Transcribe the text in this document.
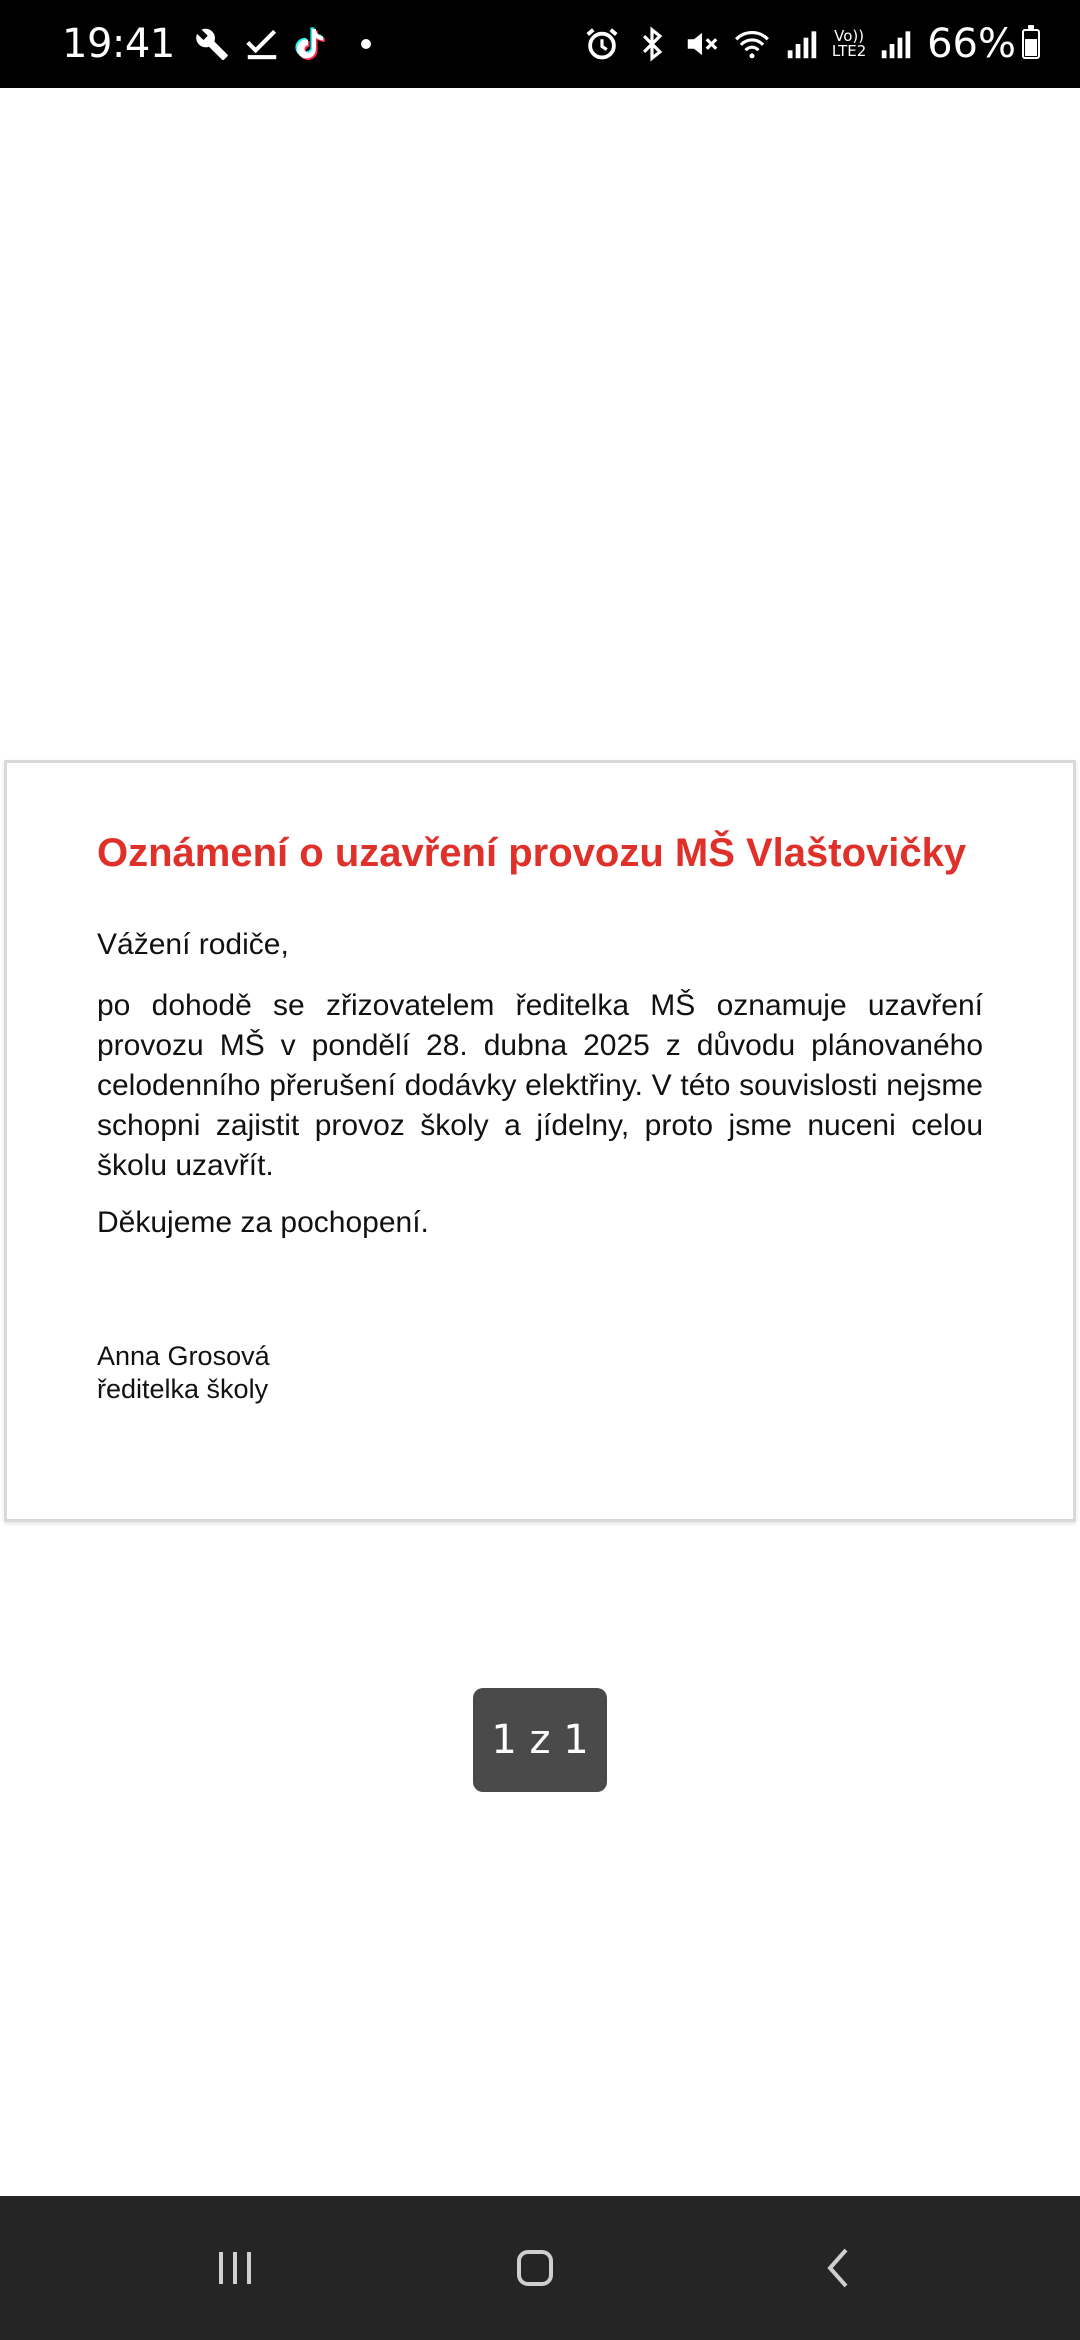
19:41	Vo))
LTE2 66%
Oznámení o uzavření provozu MŠ Vlaštovičky
Vážení rodiče,
po dohodě se zřizovatelem ředitelka MŠ oznamuje uzavření provozu MŠ v pondělí 28. dubna 2025 z důvodu plánovaného celodenního přerušení dodávky elektřiny. V této souvislosti nejsme schopni zajistit provoz školy a jídelny, proto jsme nuceni celou školu uzavřít.
Děkujeme za pochopení.
Anna Grosová
ředitelka školy
1 z 1
